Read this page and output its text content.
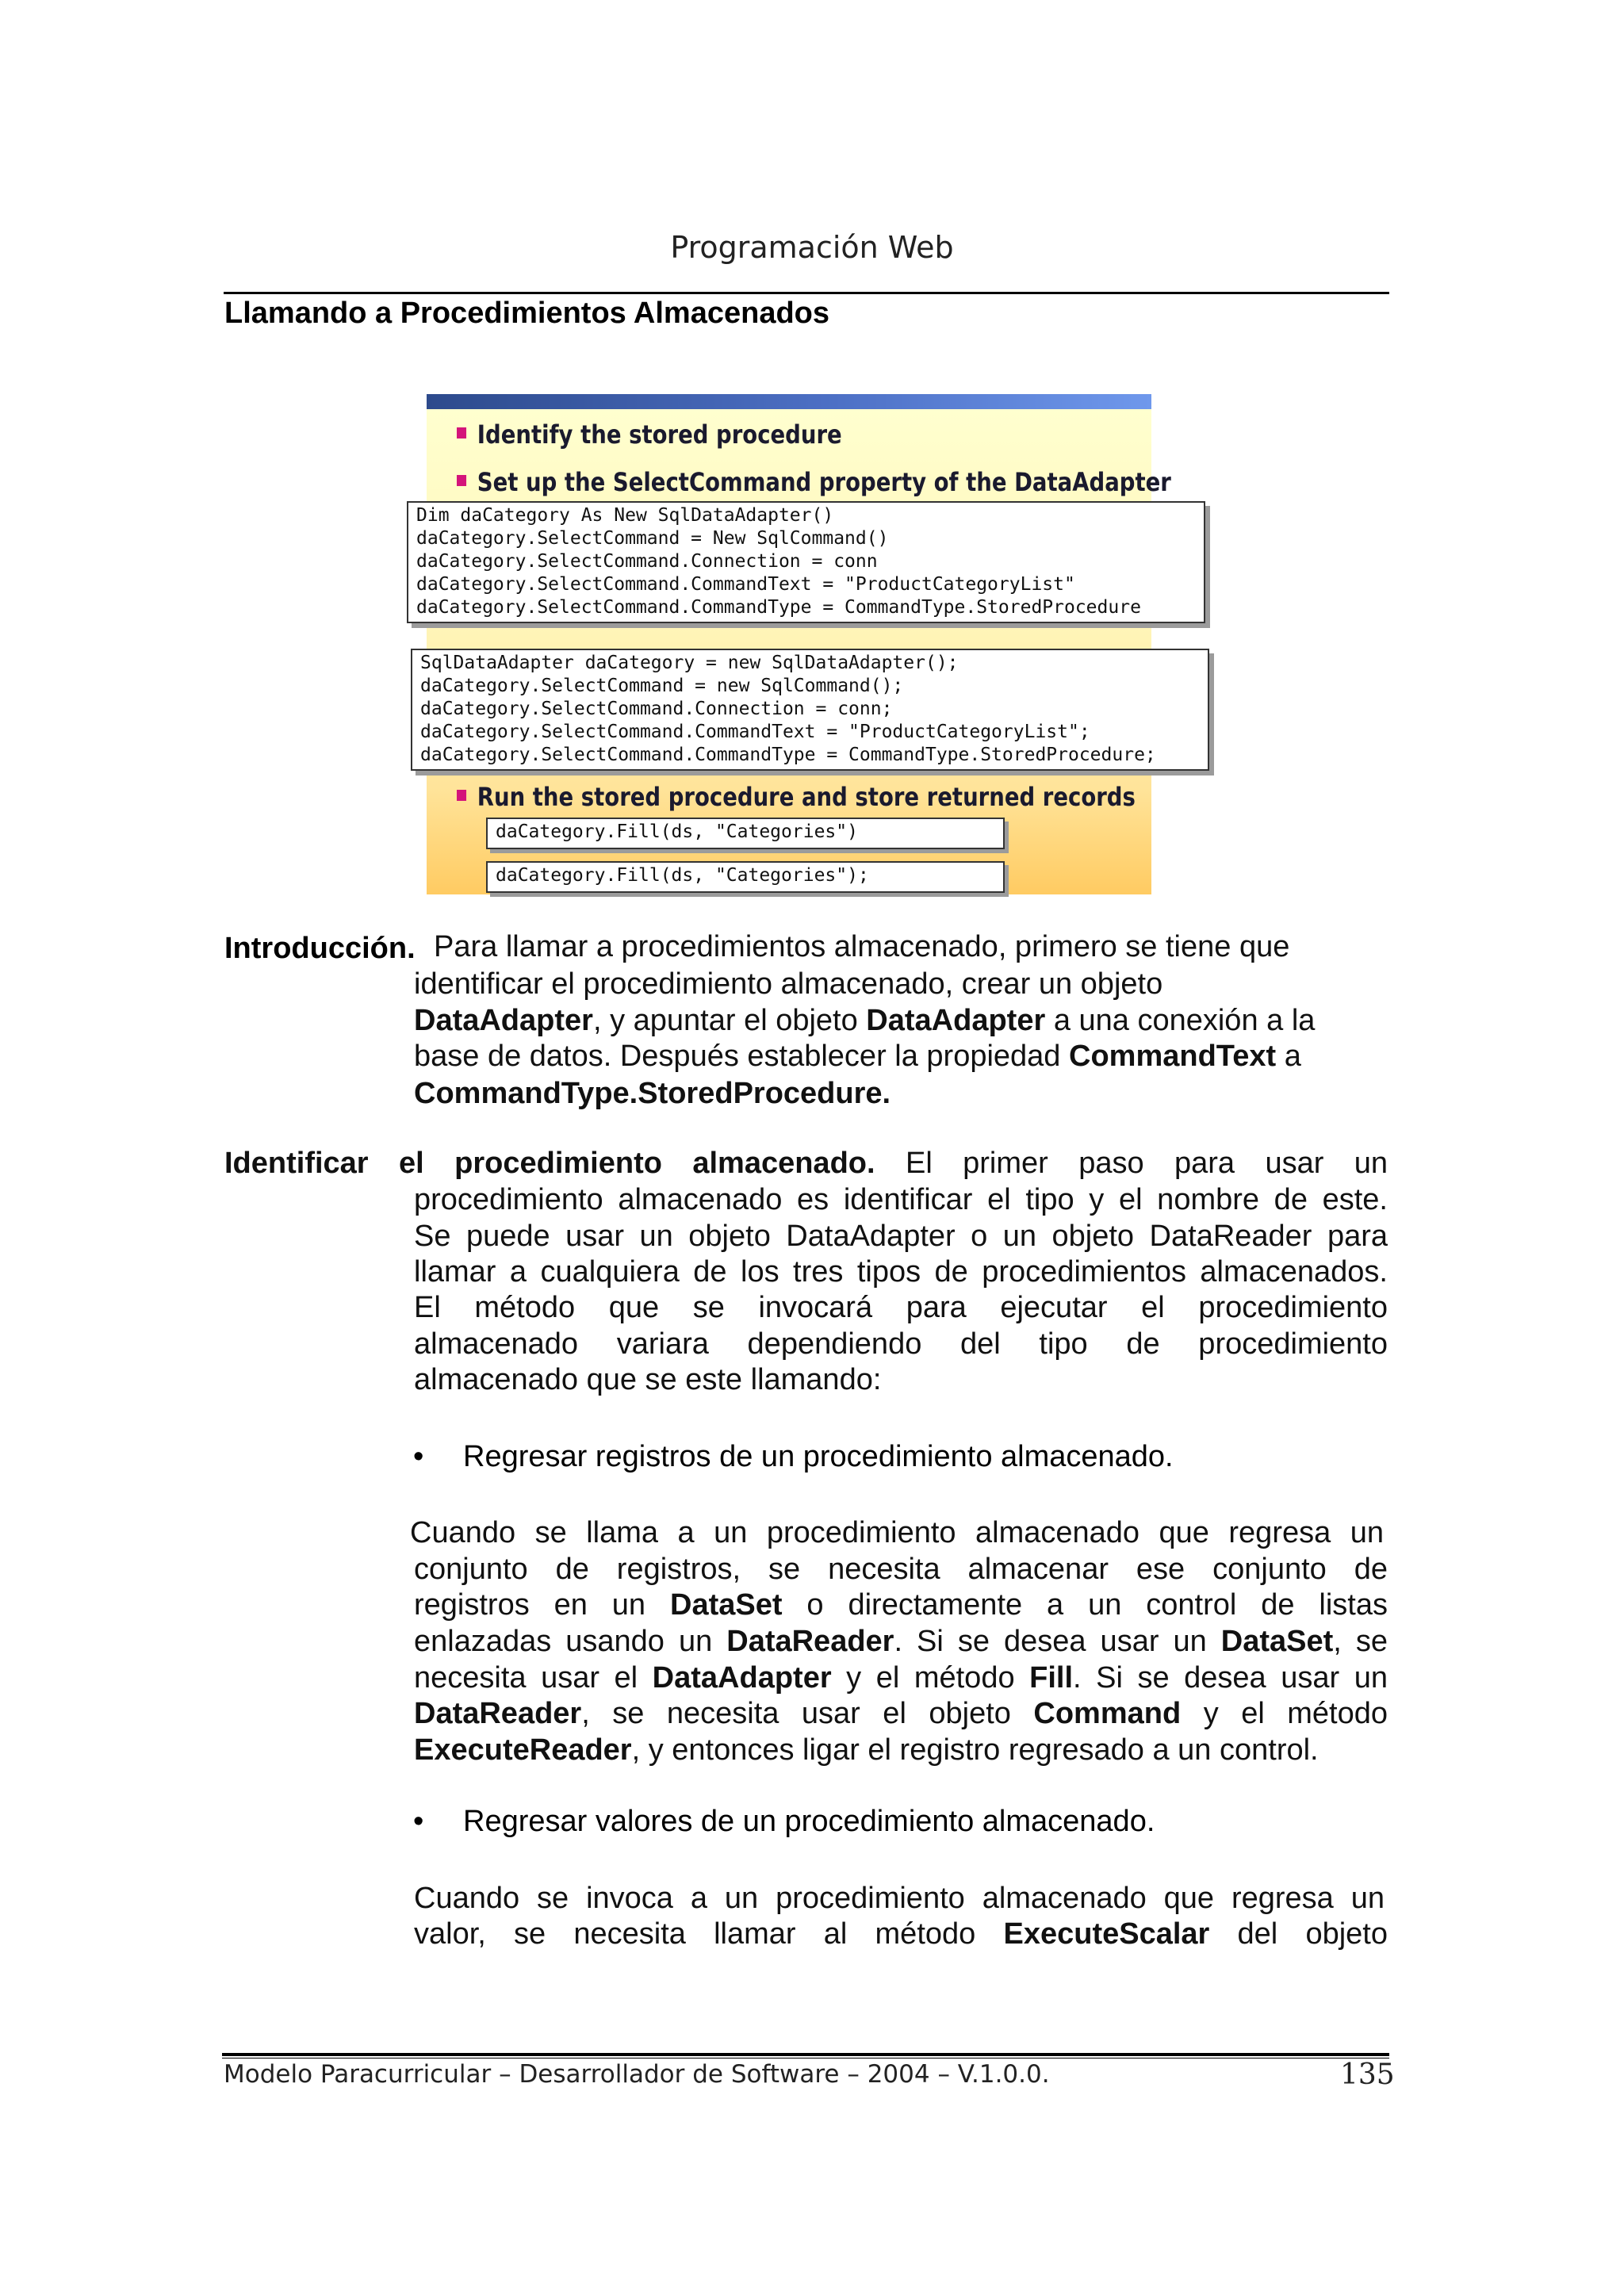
Programación Web
Llamando a Procedimientos Almacenados
Identify the stored procedure
Set up the SelectCommand property of the DataAdapter
Dim daCategory As New SqlDataAdapter()
daCategory.SelectCommand = New SqlCommand()
daCategory.SelectCommand.Connection = conn
daCategory.SelectCommand.CommandText = "ProductCategoryList"
daCategory.SelectCommand.CommandType = CommandType.StoredProcedure
SqlDataAdapter daCategory = new SqlDataAdapter();
daCategory.SelectCommand = new SqlCommand();
daCategory.SelectCommand.Connection = conn;
daCategory.SelectCommand.CommandText = "ProductCategoryList";
daCategory.SelectCommand.CommandType = CommandType.StoredProcedure;
Run the stored procedure and store returned records
daCategory.Fill(ds, "Categories")
daCategory.Fill(ds, "Categories");
Introducción. Para llamar a procedimientos almacenado, primero se tiene que
identificar el procedimiento almacenado, crear un objeto
DataAdapter, y apuntar el objeto DataAdapter a una conexión a la
base de datos. Después establecer la propiedad CommandText a
CommandType.StoredProcedure.
Identificar el procedimiento almacenado. El primer paso para usar un
procedimiento almacenado es identificar el tipo y el nombre de este.
Se puede usar un objeto DataAdapter o un objeto DataReader para
llamar a cualquiera de los tres tipos de procedimientos almacenados.
El método que se invocará para ejecutar el procedimiento
almacenado variara dependiendo del tipo de procedimiento
almacenado que se este llamando:
• Regresar registros de un procedimiento almacenado.
Cuando se llama a un procedimiento almacenado que regresa un
conjunto de registros, se necesita almacenar ese conjunto de
registros en un DataSet o directamente a un control de listas
enlazadas usando un DataReader. Si se desea usar un DataSet, se
necesita usar el DataAdapter y el método Fill. Si se desea usar un
DataReader, se necesita usar el objeto Command y el método
ExecuteReader, y entonces ligar el registro regresado a un control.
• Regresar valores de un procedimiento almacenado.
Cuando se invoca a un procedimiento almacenado que regresa un
valor, se necesita llamar al método ExecuteScalar del objeto
Modelo Paracurricular – Desarrollador de Software – 2004 – V.1.0.0.	135
